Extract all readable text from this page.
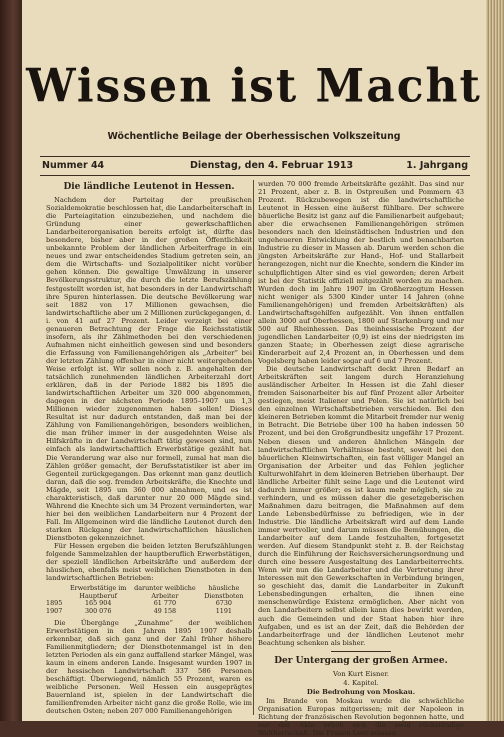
Wissen ist Macht
Wöchentliche Beilage der Oberhessischen Volkszeitung
Nummer 44	Dienstag, den 4. Februar 1913	1. Jahrgang
Die ländliche Leutenot in Hessen.

Nachdem der Parteitag der preußischen Sozialdemokratie beschlossen hat, die Landarbeiterschaft in die Parteiagitation einzubeziehen, und nachdem die Gründung einer gewerkschaftlichen Landarbeiterorganisation bereits erfolgt ist, dürfte das besondere, bisher aber in der großen Öffentlichkeit unbekannte Problem der ländlichen Arbeiterfrage in ein neues und zwar entscheidendes Stadium getreten sein, an dem die Wirtschafts- und Sozialpolitiker nicht vorüber gehen können. Die gewaltige Umwälzung in unserer Bevölkerungsstruktur, die durch die letzte Berufszählung festgestellt worden ist, hat besonders in der Landwirtschaft ihre Spuren hinterlassen. Die deutsche Bevölkerung war seit 1882 von 17 Millionen gewachsen, die landwirtschaftliche aber um 2 Millionen zurückgegangen, d. i. von 41 auf 27 Prozent. Leider verzeigt bei einer genaueren Betrachtung der Frage die Reichsstatistik insofern, als ihr Zählmethoden bei den verschiedenen Aufnahmen nicht einheitlich gewesen sind und besonders die Erfassung von Familienangehörigen als „Arbeiter“ bei der letzten Zählung offenbar in einer nicht weitergehenden Weise erfolgt ist. Wir sollen noch z. B. angehalten der tatsächlich zunehmenden ländlichen Arbeiterzahl dort erklären, daß in der Periode 1882 bis 1895 die landwirtschaftlichen Arbeiter um 320 000 abgenommen, dagegen in der nächsten Periode 1895–1907 um 1,3 Millionen wieder zugenommen haben sollen! Dieses Resultat ist nur dadurch entstanden, daß man bei der Zählung von Familienangehörigen, besonders weiblichen, die man früher immer in der ausgedehnten Weise als Hilfskräfte in der Landwirtschaft tätig gewesen sind, nun einfach als landwirtschaftlich Erwerbstätige gezählt hat. Die Veranderung war also nur formell, zumal hat man die Zählen größer gemacht, der Berufsstatistiker ist aber im Gegenteil zurückgegangen. Das erkennt man ganz deutlich daran, daß die sog. fremden Arbeitskräfte, die Knechte und Mägde, seit 1895 um 360 000 abnahmen, und es ist charakteristisch, daß darunter nur 20 000 Mägde sind. Während die Knechte sich um 34 Prozent verminderten, war hier bei den weiblichen Landarbeitern nur 4 Prozent der Fall. Im Allgemeinen wird die ländliche Leutenot durch den starken Rückgang der landwirtschaftlichen häuslichen Dienstboten gekennzeichnet.

Für Hessen ergeben die beiden letzten Berufszählungen folgende Sammelzahlen der hauptberuflich Erwerbstätigen, der speziell ländlichen Arbeitskräfte und außerdem der häuslichen, ebenfalls meist weiblichen Dienstboten in den landwirtschaftlichen Betrieben:

	Erwerbstätige im Hauptberuf	darunter weibliche Arbeiter	häusliche Dienstboten
1895	165 904	61 770	6730
1907	300 076	49 158	1191

Die Übergänge „Zunahme“ der weiblichen Erwerbstätigen in den Jahren 1895 1907 deshalb erkennbar, daß sich ganz und der Zahl früher höhere Familienmitgliedern; der Dienstbotenmangel ist in den letzten Perioden als ein ganz auffallend starker Mängel, was kaum in einem anderen Lande. Insgesamt wurden 1907 in der hessischen Landwirtschaft 337 586 Personen beschäftigt. Überwiegend, nämlich 55 Prozent, waren es weibliche Personen. Weil Hessen ein ausgeprägtes Bauernland ist, spielen in der Landwirtschaft die familienfremden Arbeiter nicht ganz die große Rolle, wie im deutschen Osten; neben 207 000 Familienangehörigen

wurden 70 000 fremde Arbeitskräfte gezählt. Das sind nur 21 Prozent, aber z. B. in Ostpreußen und Pommern 43 Prozent. Rückzubewegen ist die landwirtschaftliche Leutenot in Hessen eine äußerst fühlbare. Der schwere bäuerliche Besitz ist ganz auf die Familienarbeit aufgebaut; aber die erwachsenen Familienangehörigen strömen besonders nach den kleinstädtischen Industrien und den ungeheueren Entwicklung der bestlich und benachbarten Industrie zu dieser in Massen ab. Darum werden schon die jüngsten Arbeitskräfte zur Hand-, Hof- und Stallarbeit herangezogen, nicht nur die Knechte, sondern die Kinder im schulpflichtigen Alter sind es viel geworden; deren Arbeit ist bei der Statistik offiziell mitgezählt worden zu machen. Wurden doch im Jahre 1907 im Großherzogtum Hessen nicht weniger als 5300 Kinder unter 14 Jahren (ohne Familienangehörigen) und fremden Arbeitskräften) als Landwirtschaftsgehilfen aufgezählt. Von ihnen entfallen allein 3000 auf Oberhessen, 1800 auf Starkenburg und nur 500 auf Rheinhessen. Das theinhessische Prozent der jugendlichen Landarbeiter (0,9) ist eins der niedrigsten im ganzen Staate; in Oberhessen zeigt diese agrarische Kinderarbeit auf 2,4 Prozent an, in Oberhessen und dem Vogelsberg haben leider sogar auf 6 und 7 Prozent.

Die deutsche Landwirtschaft deckt ihren Bedarf an Arbeitskräften seit langem durch Heranziehung ausländischer Arbeiter. In Hessen ist die Zahl dieser fremden Saisonarbeiter bis auf fünf Prozent aller Arbeiter gestiegen, meist Italiener und Polen. Sie ist natürlich bei den einzelnen Wirtschaftsbetrieben verschieden. Bei den kleineren Betrieben kommt die Mitarbeit fremder nur wenig in Betracht. Die Betriebe über 100 ha haben indessen 50 Prozent, und bei den Großgrundbesitz ungefähr 17 Prozent. Neben diesen und anderen ähnlichen Mängeln der landwirtschaftlichen Verhältnisse besteht, soweit bei den bäuerlichen Kleinwirtschaften, ein fast völliger Mangel an Organisation der Arbeiter und das Fehlen jeglicher Kulturwohlfahrt in dem kleineren Betrieben überhaupt. Der ländliche Arbeiter fühlt seine Lage und die Leutenot wird dadurch immer größer; es ist kaum mehr möglich, sie zu verhindern, und es müssen daher die gesetzgeberischen Maßnahmen dazu beitragen, die Maßnahmen auf dem Lande Lebensbedürfnisse zu befriedigen, wie in der Industrie. Die ländliche Arbeitskraft wird auf dem Lande immer wertvoller, und darum müssen die Bemühungen, die Landarbeiter auf dem Lande festzuhalten, fortgesetzt werden. Auf diesem Standpunkt steht z. B. der Reichstag durch die Einführung der Reichsversicherungsordnung und durch eine bessere Ausgestaltung des Landarbeiterrechts. Wenn wir nun die Landarbeiter und die Vertretung ihrer Interessen mit den Gewerkschaften in Verbindung bringen, so geschieht das, damit die Landarbeiter in Zukunft Lebensbedingungen erhalten, die ihnen eine menschenwürdige Existenz ermöglichen. Aber nicht von den Landarbeitern selbst allein kann dies bewirkt werden, auch die Gemeinden und der Staat haben hier ihre Aufgaben, und es ist an der Zeit, daß die Behörden der Landarbeiterfrage und der ländlichen Leutenot mehr Beachtung schenken als bisher.

Der Untergang der großen Armee.
Von Kurt Eisner.
4. Kapitel.
Die Bedrohung von Moskau.

Im Brande von Moskau wurde die schwächliche Organisation Europas mitgerissen; mit der Napoleon in Richtung der französischen Revolution begonnen hatte, und nur der Akte erhob sich die ewig rückständige Weltherrschaft. Die Frauen Leer müssen
